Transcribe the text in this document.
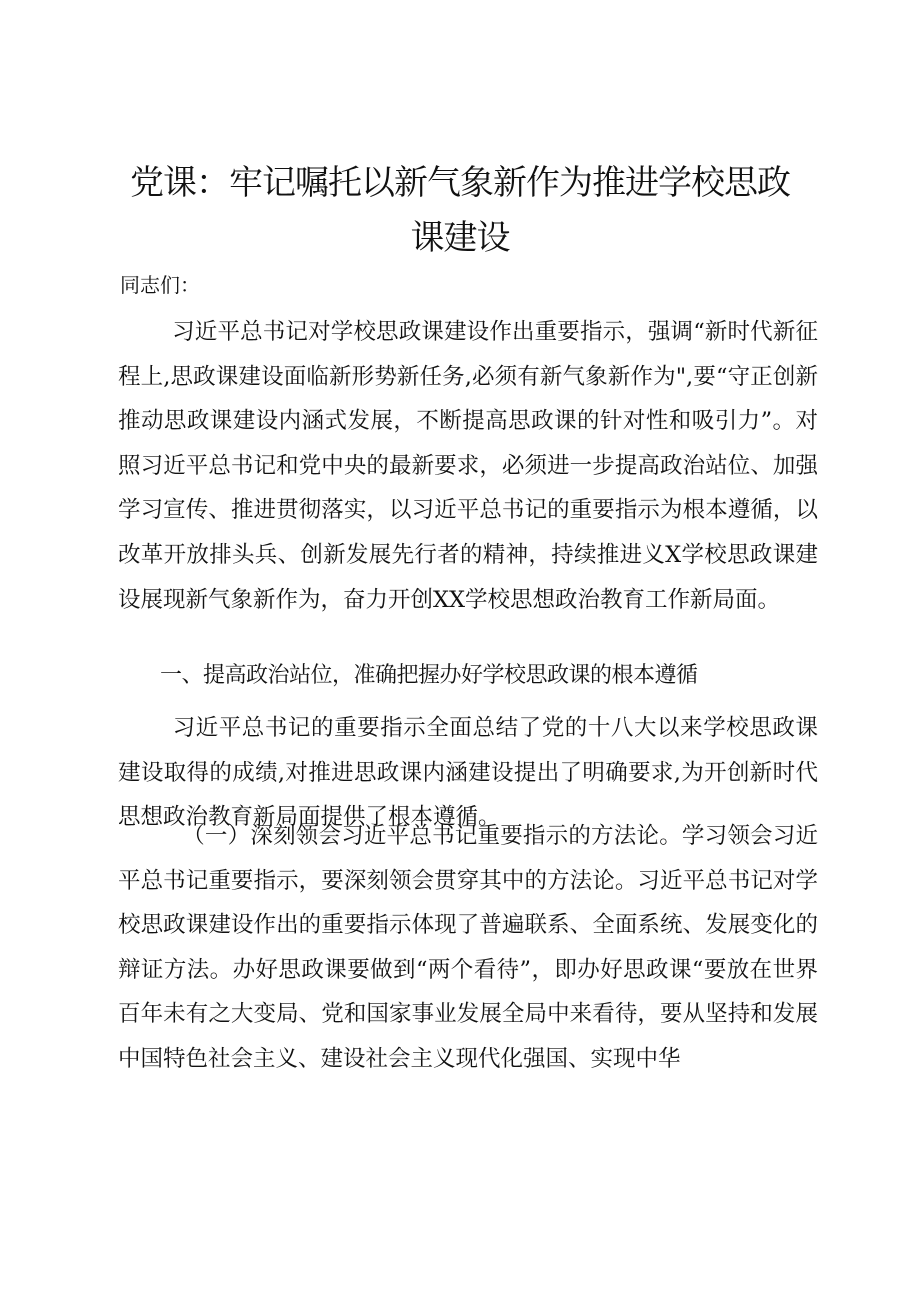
党课：牢记嘱托以新气象新作为推进学校思政
课建设

同志们：

习近平总书记对学校思政课建设作出重要指示，强调“新时代新征程上,思政课建设面临新形势新任务,必须有新气象新作为",要“守正创新推动思政课建设内涵式发展，不断提高思政课的针对性和吸引力”。对照习近平总书记和党中央的最新要求，必须进一步提高政治站位、加强学习宣传、推进贯彻落实，以习近平总书记的重要指示为根本遵循，以改革开放排头兵、创新发展先行者的精神，持续推进义X学校思政课建设展现新气象新作为，奋力开创XX学校思想政治教育工作新局面。

一、提高政治站位，准确把握办好学校思政课的根本遵循

习近平总书记的重要指示全面总结了党的十八大以来学校思政课建设取得的成绩,对推进思政课内涵建设提出了明确要求,为开创新时代思想政治教育新局面提供了根本遵循。

（一）深刻领会习近平总书记重要指示的方法论。学习领会习近平总书记重要指示，要深刻领会贯穿其中的方法论。习近平总书记对学校思政课建设作出的重要指示体现了普遍联系、全面系统、发展变化的辩证方法。办好思政课要做到“两个看待”，即办好思政课“要放在世界百年未有之大变局、党和国家事业发展全局中来看待，要从坚持和发展中国特色社会主义、建设社会主义现代化强国、实现中华
